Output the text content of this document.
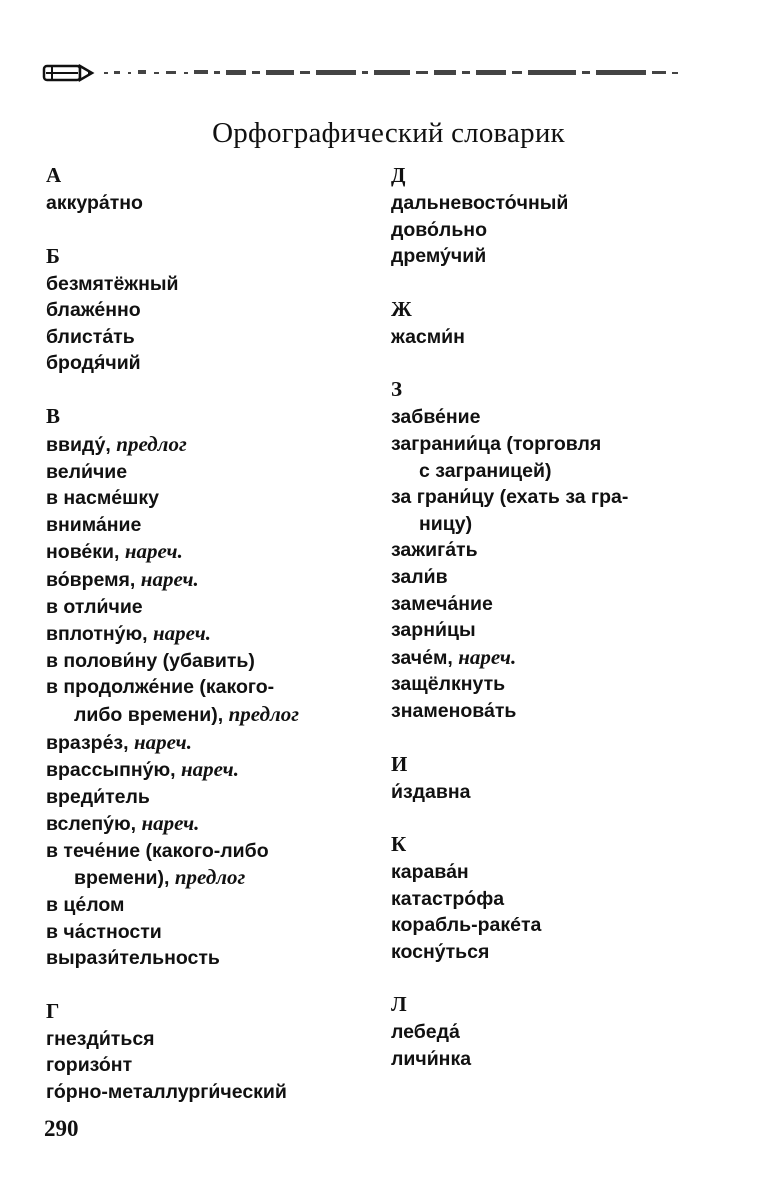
Орфографический словарик
А
аккура́тно
Б
безмятёжный
блаже́нно
блиста́ть
бродя́чий
В
ввиду́, предлог
вели́чие
в насме́шку
внима́ние
нове́ки, нареч.
во́время, нареч.
в отли́чие
вплотну́ю, нареч.
в полови́ну (убавить)
в продолже́ние (какого-
либо времени), предлог
вразре́з, нареч.
врассыпну́ю, нареч.
вреди́тель
вслепу́ю, нареч.
в тече́ние (какого-либо
времени), предлог
в це́лом
в ча́стности
вырази́тельность
Г
гнезди́ться
горизо́нт
го́рно-металлурги́ческий
Д
дальневосто́чный
дово́льно
дрему́чий
Ж
жасми́н
З
забве́ние
загрании́ца (торговля
с заграницей)
за грани́цу (ехать за гра-
ницу)
зажига́ть
зали́в
замеча́ние
зарни́цы
заче́м, нареч.
защёлкнуть
знаменова́ть
И
и́здавна
К
карава́н
катастро́фа
корабль-ракéта
косну́ться
Л
лебеда́
личи́нка
290
